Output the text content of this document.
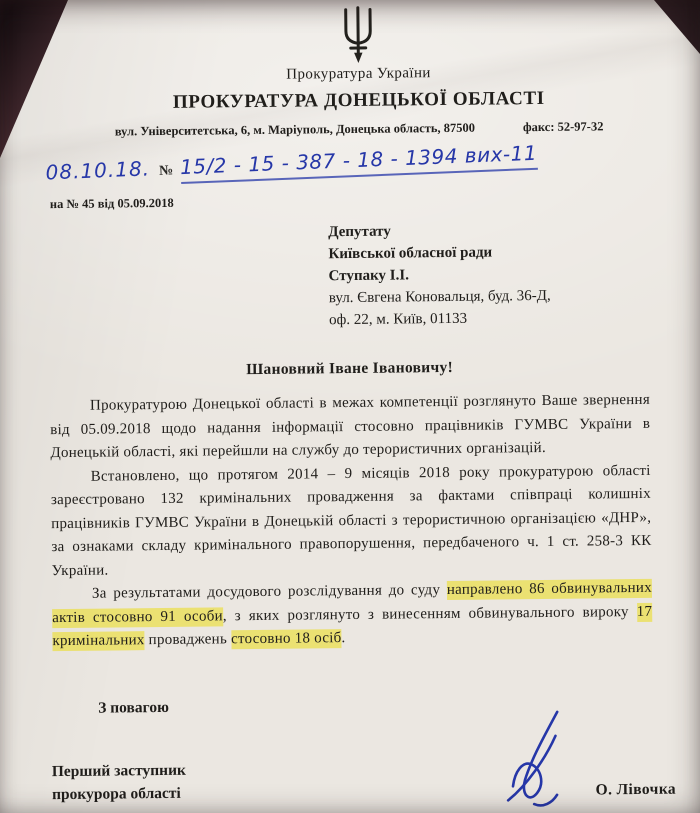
Прокуратура України
ПРОКУРАТУРА ДОНЕЦЬКОЇ ОБЛАСТІ
вул. Університетська, 6, м. Маріуполь, Донецька область, 87500	факс: 52-97-32
08.10.18. № 15/2 - 15 - 387 - 18 - 1394 вих-11
на № 45 від 05.09.2018
Депутату
Київської обласної ради
Ступаку І.І.
вул. Євгена Коновальця, буд. 36-Д,
оф. 22, м. Київ, 01133
Шановний Іване Івановичу!

Прокуратурою Донецької області в межах компетенції розглянуто Ваше звернення від 05.09.2018 щодо надання інформації стосовно працівників ГУМВС України в Донецькій області, які перейшли на службу до терористичних організацій.

Встановлено, що протягом 2014 – 9 місяців 2018 року прокуратурою області зареєстровано 132 кримінальних провадження за фактами співпраці колишніх працівників ГУМВС України в Донецькій області з терористичною організацією «ДНР», за ознаками складу кримінального правопорушення, передбаченого ч. 1 ст. 258-3 КК України.

За результатами досудового розслідування до суду направлено 86 обвинувальних актів стосовно 91 особи, з яких розглянуто з винесенням обвинувального вироку 17 кримінальних проваджень стосовно 18 осіб.

З повагою
Перший заступник
прокурора області	О. Лівочка
